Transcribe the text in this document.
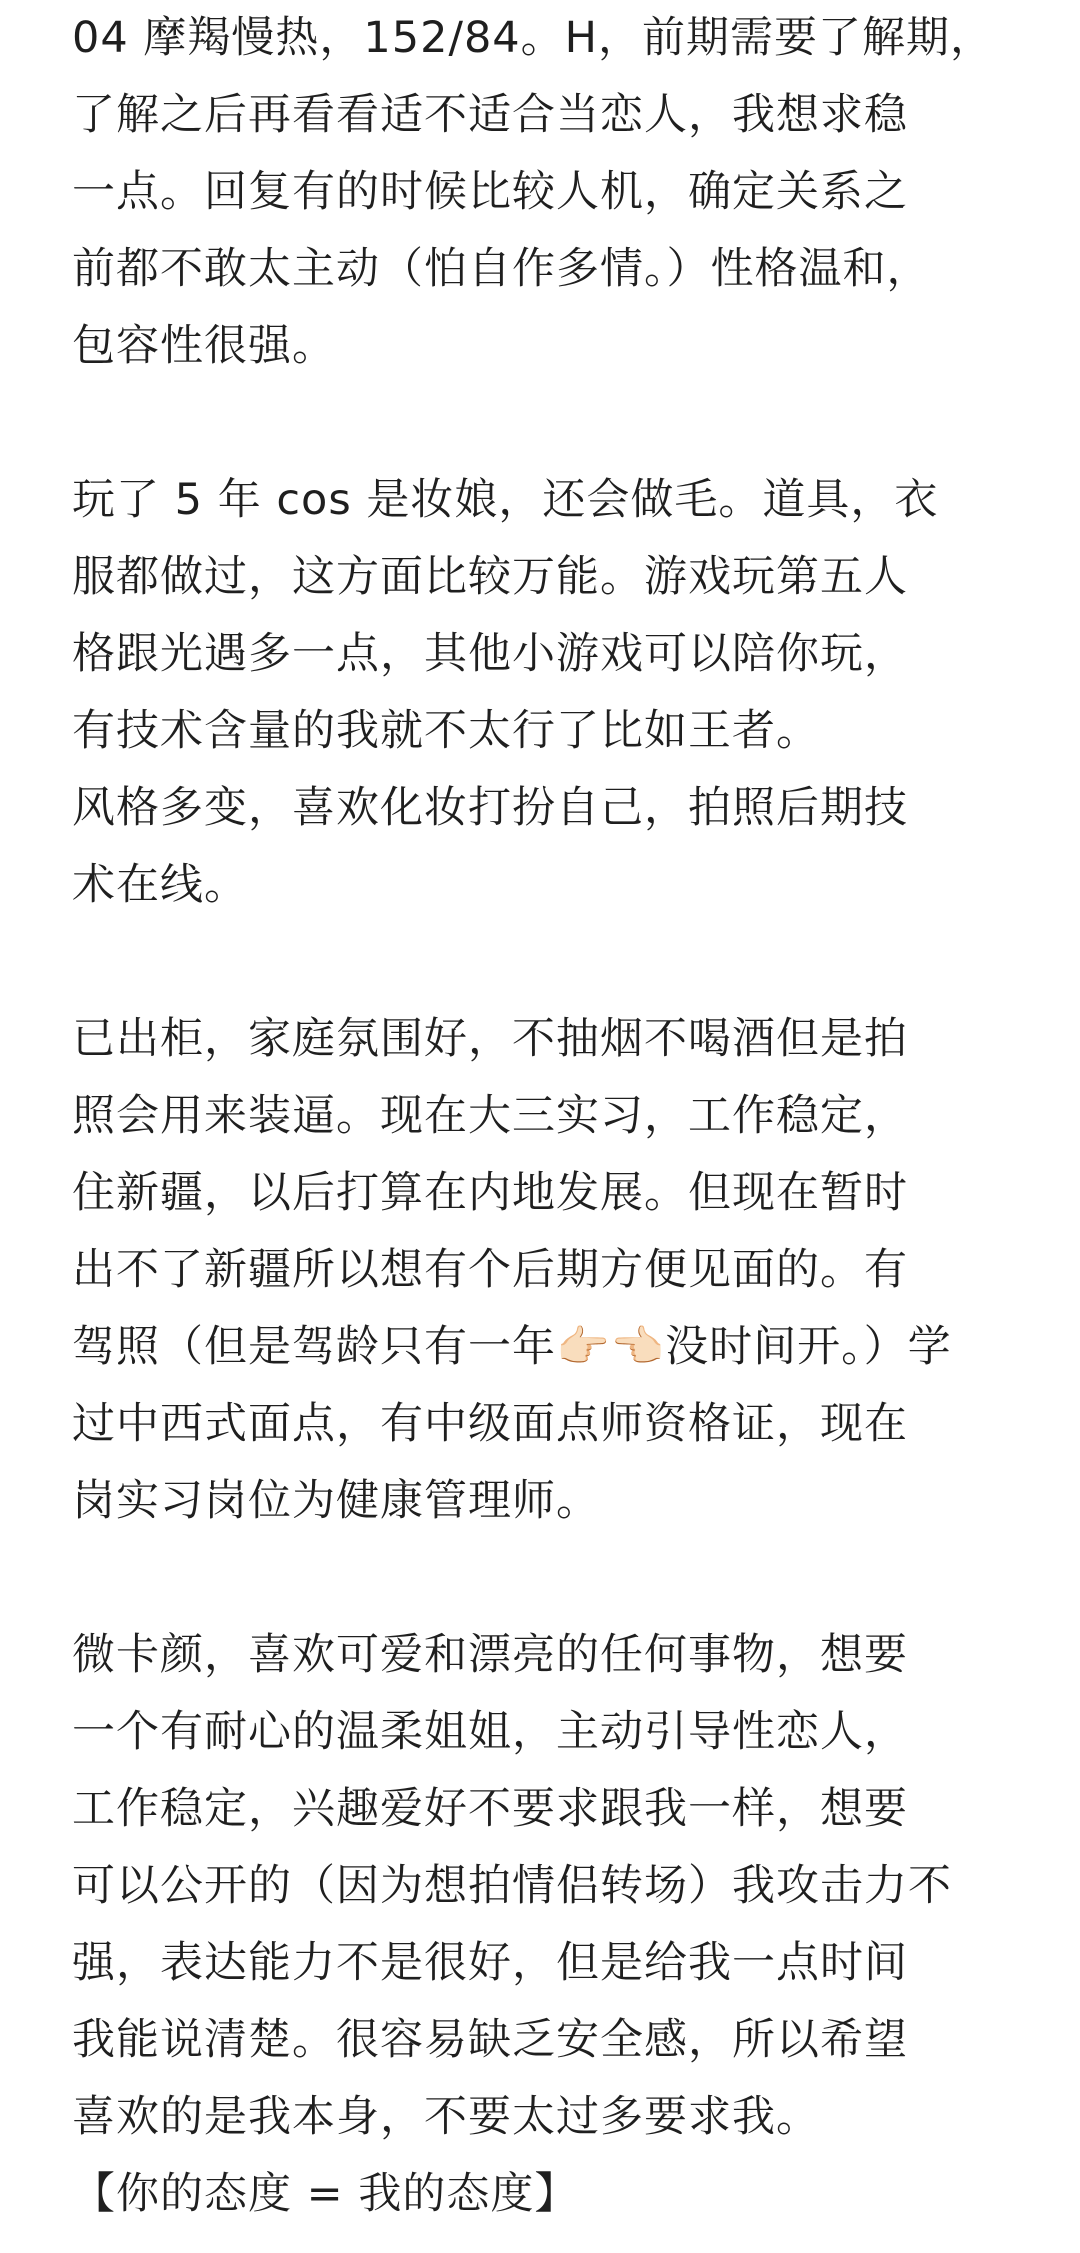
04 摩羯慢热，152/84。H，前期需要了解期，
了解之后再看看适不适合当恋人，我想求稳
一点。回复有的时候比较人机，确定关系之
前都不敢太主动（怕自作多情。）性格温和，
包容性很强。
玩了 5 年 cos 是妆娘，还会做毛。道具，衣
服都做过，这方面比较万能。游戏玩第五人
格跟光遇多一点，其他小游戏可以陪你玩，
有技术含量的我就不太行了比如王者。
风格多变，喜欢化妆打扮自己，拍照后期技
术在线。
已出柜，家庭氛围好，不抽烟不喝酒但是拍
照会用来装逼。现在大三实习，工作稳定，
住新疆，以后打算在内地发展。但现在暂时
出不了新疆所以想有个后期方便见面的。有
驾照（但是驾龄只有一年👉🏻👈🏻没时间开。）学
过中西式面点，有中级面点师资格证，现在
岗实习岗位为健康管理师。
微卡颜，喜欢可爱和漂亮的任何事物，想要
一个有耐心的温柔姐姐，主动引导性恋人，
工作稳定，兴趣爱好不要求跟我一样，想要
可以公开的（因为想拍情侣转场）我攻击力不
强，表达能力不是很好，但是给我一点时间
我能说清楚。很容易缺乏安全感，所以希望
喜欢的是我本身，不要太过多要求我。
【你的态度 = 我的态度】
